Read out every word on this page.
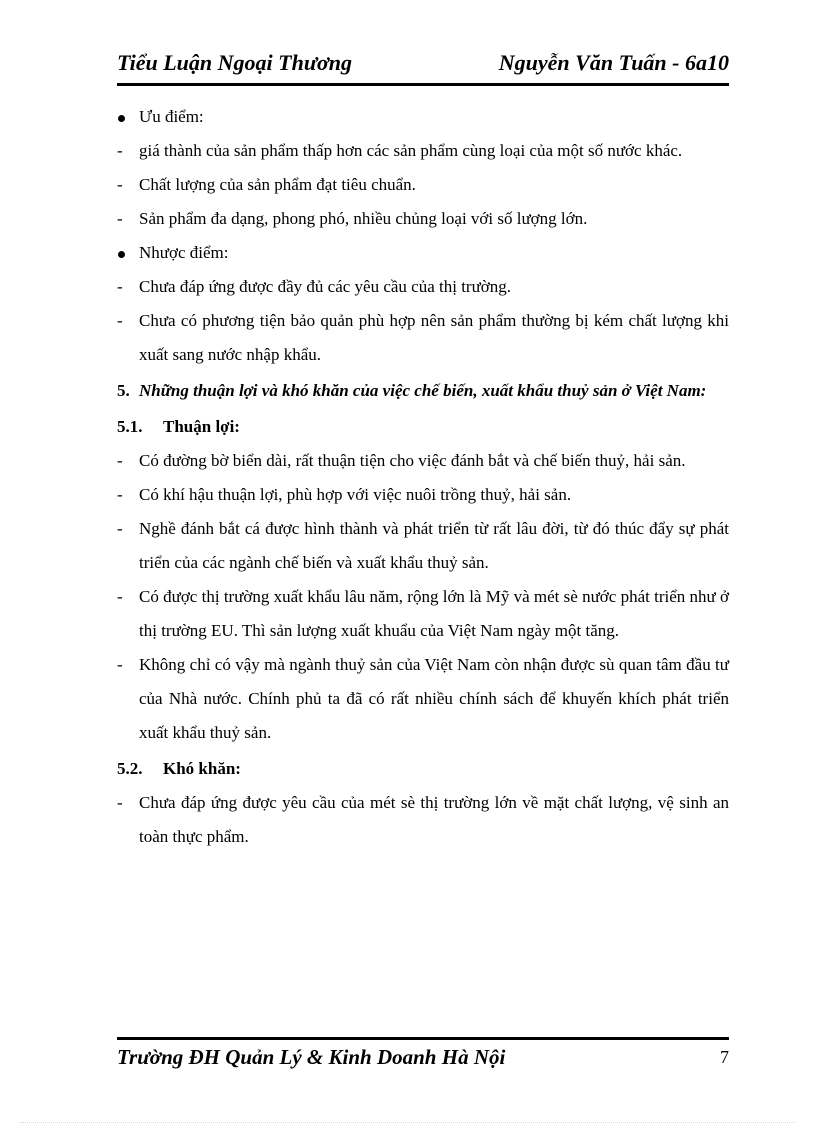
Tiểu Luận Ngoại Thương	Nguyễn Văn Tuấn - 6a10
Ưu điểm:
- giá thành của sản phẩm thấp hơn các sản phẩm cùng loại của một số nước khác.
- Chất lượng của sản phẩm đạt tiêu chuẩn.
- Sản phẩm đa dạng, phong phó, nhiều chủng loại với số lượng lớn.
Nhược điểm:
- Chưa đáp ứng được đầy đủ các yêu cầu của thị trường.
- Chưa có phương tiện bảo quản phù hợp nên sản phẩm thường bị kém chất lượng khi xuất sang nước nhập khẩu.
5. Những thuận lợi và khó khăn của việc chế biến, xuất khẩu thuỷ sản ở Việt Nam:
5.1. Thuận lợi:
- Có đường bờ biển dài, rất thuận tiện cho việc đánh bắt và chế biến thuỷ, hải sản.
- Có khí hậu thuận lợi, phù hợp với việc nuôi trồng thuỷ, hải sản.
- Nghề đánh bắt cá được hình thành và phát triển từ rất lâu đời, từ đó thúc đẩy sự phát triển của các ngành chế biến và xuất khẩu thuỷ sản.
- Có được thị trường xuất khẩu lâu năm, rộng lớn là Mỹ và mét sè nước phát triển như ở thị trường EU. Thì sản lượng xuất khuẩu của Việt Nam ngày một tăng.
- Không chỉ có vậy mà ngành thuỷ sản của Việt Nam còn nhận được sù quan tâm đầu tư của Nhà nước. Chính phủ ta đã có rất nhiều chính sách để khuyến khích phát triển xuất khẩu thuỷ sản.
5.2. Khó khăn:
- Chưa đáp ứng được yêu cầu của mét sè thị trường lớn về mặt chất lượng, vệ sinh an toàn thực phẩm.
Trường ĐH Quản Lý & Kinh Doanh Hà Nội	7
